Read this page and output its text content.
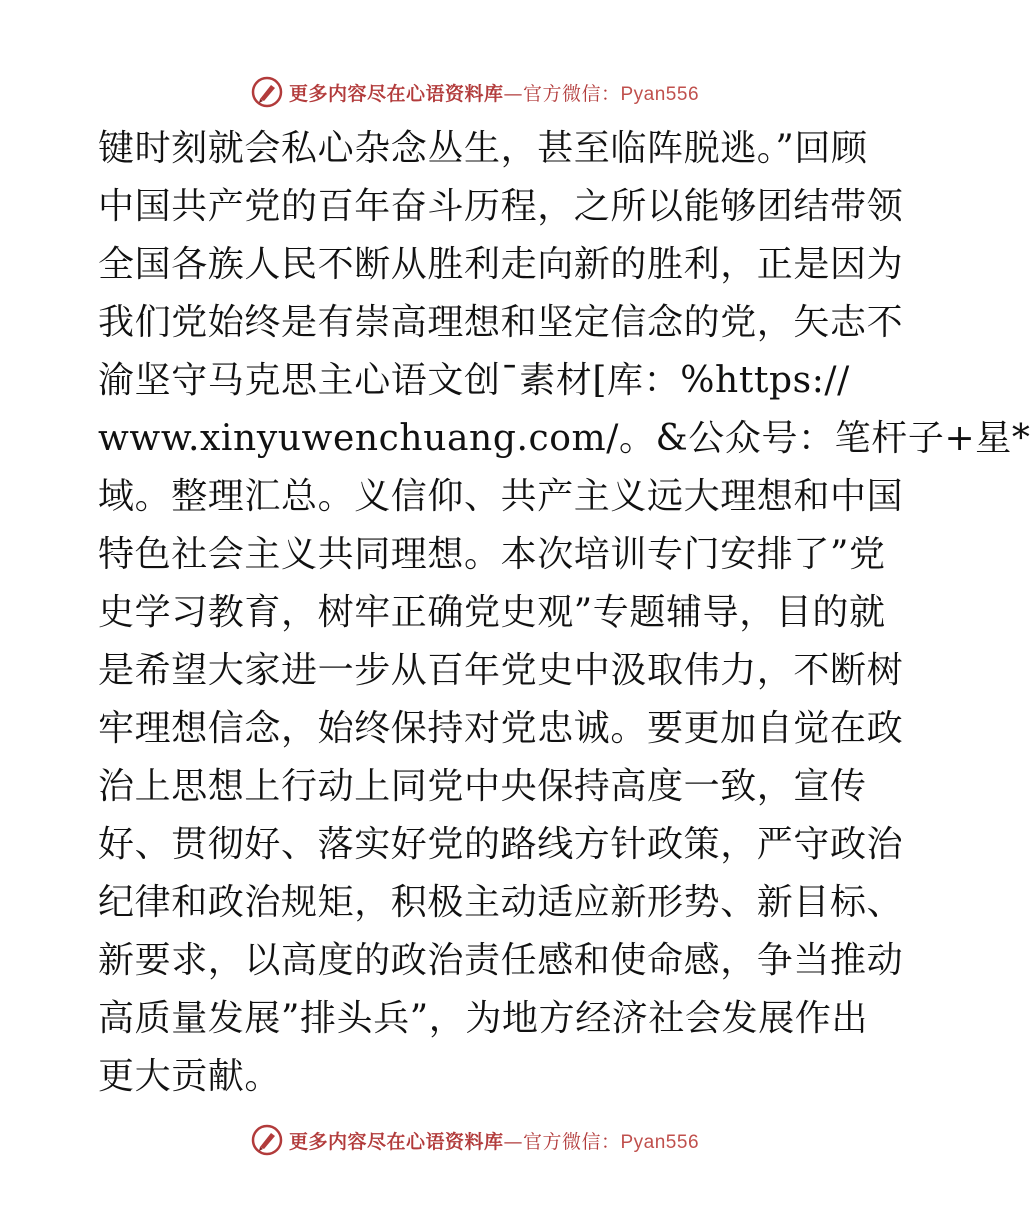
更多内容尽在心语资料库—官方微信：Pyan556
键时刻就会私心杂念丛生，甚至临阵脱逃。”回顾
中国共产党的百年奋斗历程，之所以能够团结带领
全国各族人民不断从胜利走向新的胜利，正是因为
我们党始终是有崇高理想和坚定信念的党，矢志不
渝坚守马克思主心语文创¯素材[库：%https://
www.xinyuwenchuang.com/。&公众号：笔杆子+星*
域。整理汇总。义信仰、共产主义远大理想和中国
特色社会主义共同理想。本次培训专门安排了”党
史学习教育，树牢正确党史观”专题辅导，目的就
是希望大家进一步从百年党史中汲取伟力，不断树
牢理想信念，始终保持对党忠诚。要更加自觉在政
治上思想上行动上同党中央保持高度一致，宣传
好、贯彻好、落实好党的路线方针政策，严守政治
纪律和政治规矩，积极主动适应新形势、新目标、
新要求，以高度的政治责任感和使命感，争当推动
高质量发展”排头兵”，为地方经济社会发展作出
更大贡献。
更多内容尽在心语资料库—官方微信：Pyan556
